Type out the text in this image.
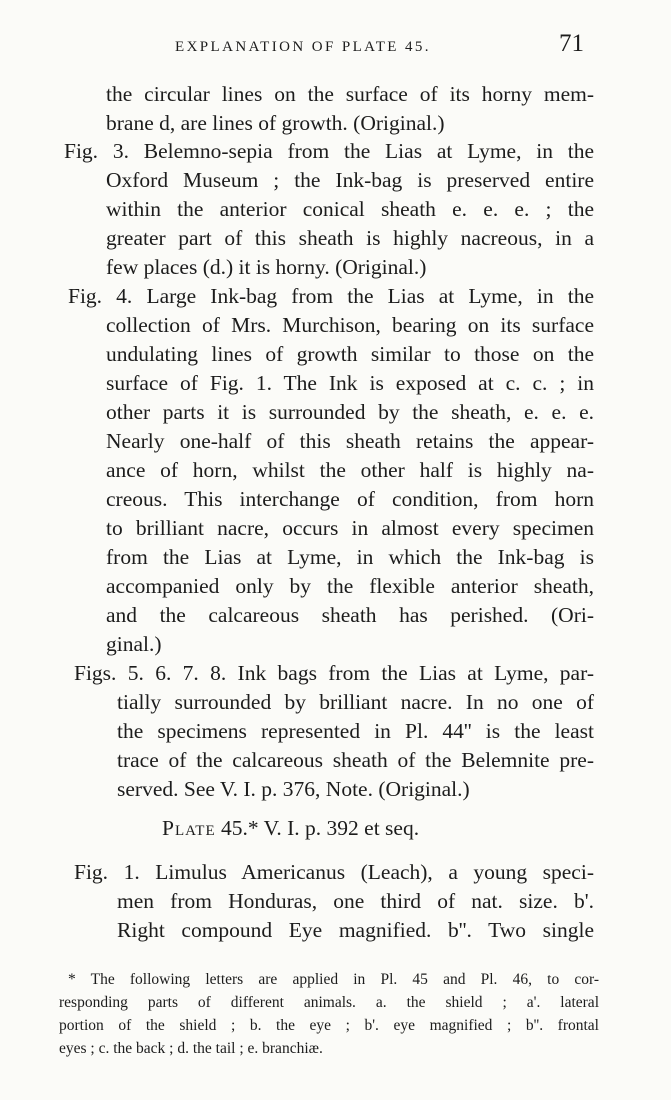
EXPLANATION OF PLATE 45.	71
the circular lines on the surface of its horny mem-
brane d, are lines of growth. (Original.)
Fig. 3. Belemno-sepia from the Lias at Lyme, in the
Oxford Museum ; the Ink-bag is preserved entire
within the anterior conical sheath e. e. e. ; the
greater part of this sheath is highly nacreous, in a
few places (d.) it is horny. (Original.)
Fig. 4. Large Ink-bag from the Lias at Lyme, in the
collection of Mrs. Murchison, bearing on its surface
undulating lines of growth similar to those on the
surface of Fig. 1. The Ink is exposed at c. c. ; in
other parts it is surrounded by the sheath, e. e. e.
Nearly one-half of this sheath retains the appear-
ance of horn, whilst the other half is highly na-
creous. This interchange of condition, from horn
to brilliant nacre, occurs in almost every specimen
from the Lias at Lyme, in which the Ink-bag is
accompanied only by the flexible anterior sheath,
and the calcareous sheath has perished. (Ori-
ginal.)
Figs. 5. 6. 7. 8. Ink bags from the Lias at Lyme, par-
tially surrounded by brilliant nacre. In no one of
the specimens represented in Pl. 44'' is the least
trace of the calcareous sheath of the Belemnite pre-
served. See V. I. p. 376, Note. (Original.)
Plate 45.* V. I. p. 392 et seq.
Fig. 1. Limulus Americanus (Leach), a young speci-
men from Honduras, one third of nat. size. b'.
Right compound Eye magnified. b''. Two single
* The following letters are applied in Pl. 45 and Pl. 46, to cor-
responding parts of different animals. a. the shield ; a'. lateral
portion of the shield ; b. the eye ; b'. eye magnified ; b''. frontal
eyes ; c. the back ; d. the tail ; e. branchiæ.
